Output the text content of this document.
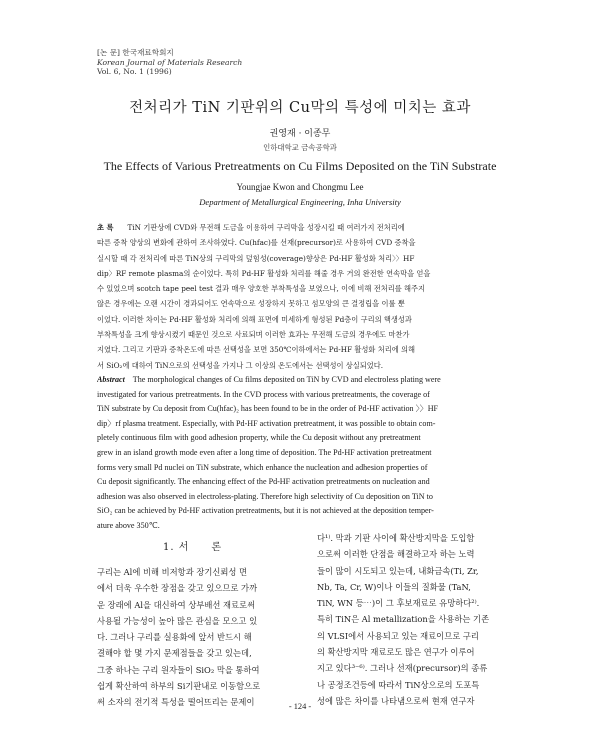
[논 문] 한국재료학회지
Korean Journal of Materials Research
Vol. 6, No. 1 (1996)
전처리가 TiN 기판위의 Cu막의 특성에 미치는 효과
권영재 · 이종무
인하대학교 금속공학과
The Effects of Various Pretreatments on Cu Films Deposited on the TiN Substrate
Youngjae Kwon and Chongmu Lee
Department of Metallurgical Engineering, Inha University
초 록 TiN 기판상에 CVD와 무전해 도금을 이용하여 구리막을 성장시킬 때 여러가지 전처리에
따른 증착 양상의 변화에 관하여 조사하였다. Cu(hfac)를 선재(precursor)로 사용하여 CVD 증착을
실시할 때 각 전처리에 따른 TiN상의 구리막의 덮힘성(coverage)향상은 Pd-HF 활성화 처리〉〉HF
dip〉RF remote plasma의 순이었다. 특히 Pd-HF 활성화 처리를 해줄 경우 거의 완전한 연속막을 얻을
수 있었으며 scotch tape peel test 결과 매우 양호한 부착특성을 보였으나, 이에 비해 전처리를 해주지
않은 경우에는 오랜 시간이 경과되어도 연속막으로 성장하지 못하고 섬모양의 큰 결정립을 이룰 뿐
이었다. 이러한 차이는 Pd-HF 활성화 처리에 의해 표면에 미세하게 형성된 Pd층이 구리의 핵생성과
부착특성을 크게 향상시켰기 때문인 것으로 사료되며 이러한 효과는 무전해 도금의 경우에도 마찬가
지였다. 그리고 기판과 증착온도에 따른 선택성을 보면 350℃이하에서는 Pd-HF 활성화 처리에 의해
서 SiO₂에 대하여 TiN으로의 선택성을 가지나 그 이상의 온도에서는 선택성이 상실되었다.
Abstract The morphological changes of Cu films deposited on TiN by CVD and electroless plating were
investigated for various pretreatments. In the CVD process with various pretreatments, the coverage of
TiN substrate by Cu deposit from Cu(hfac)₂ has been found to be in the order of Pd-HF activation 〉〉HF
dip〉rf plasma treatment. Especially, with Pd-HF activation pretreatment, it was possible to obtain com-
pletely continuous film with good adhesion property, while the Cu deposit without any pretreatment
grew in an island growth mode even after a long time of deposition. The Pd-HF activation pretreatment
forms very small Pd nuclei on TiN substrate, which enhance the nucleation and adhesion properties of
Cu deposit significantly. The enhancing effect of the Pd-HF activation pretreatments on nucleation and
adhesion was also observed in electroless-plating. Therefore high selectivity of Cu deposition on TiN to
SiO₂ can be achieved by Pd-HF activation pretreatments, but it is not achieved at the deposition temper-
ature above 350℃.
1. 서 론
구리는 Al에 비해 비저항과 장기신뢰성 면
에서 더욱 우수한 장점을 갖고 있으므로 가까
운 장래에 Al을 대신하여 상부배선 재료로써
사용될 가능성이 높아 많은 관심을 모으고 있
다. 그러나 구리를 실용화에 앞서 반드시 해
결해야 할 몇 가지 문제점들을 갖고 있는데,
그중 하나는 구리 원자들이 SiO₂ 막을 통하여
쉽게 확산하여 하부의 Si기판내로 이동함으로
써 소자의 전기적 특성을 떨어뜨리는 문제이
다¹⁾. 막과 기판 사이에 확산방지막을 도입함
으로써 이러한 단점을 해결하고자 하는 노력
들이 많이 시도되고 있는데, 내화금속(Ti, Zr,
Nb, Ta, Cr, W)이나 이들의 질화물 (TaN,
TiN, WN 등⋯)이 그 후보재료로 유망하다²⁾.
특히 TiN은 Al metallization을 사용하는 기존
의 VLSI에서 사용되고 있는 재료이므로 구리
의 확산방지막 재료로도 많은 연구가 이루어
지고 있다³⁻⁶⁾. 그러나 선재(precursor)의 종류
나 공정조건등에 따라서 TiN상으로의 도포특
성에 많은 차이를 나타냄으로써 현재 연구자
- 124 -
